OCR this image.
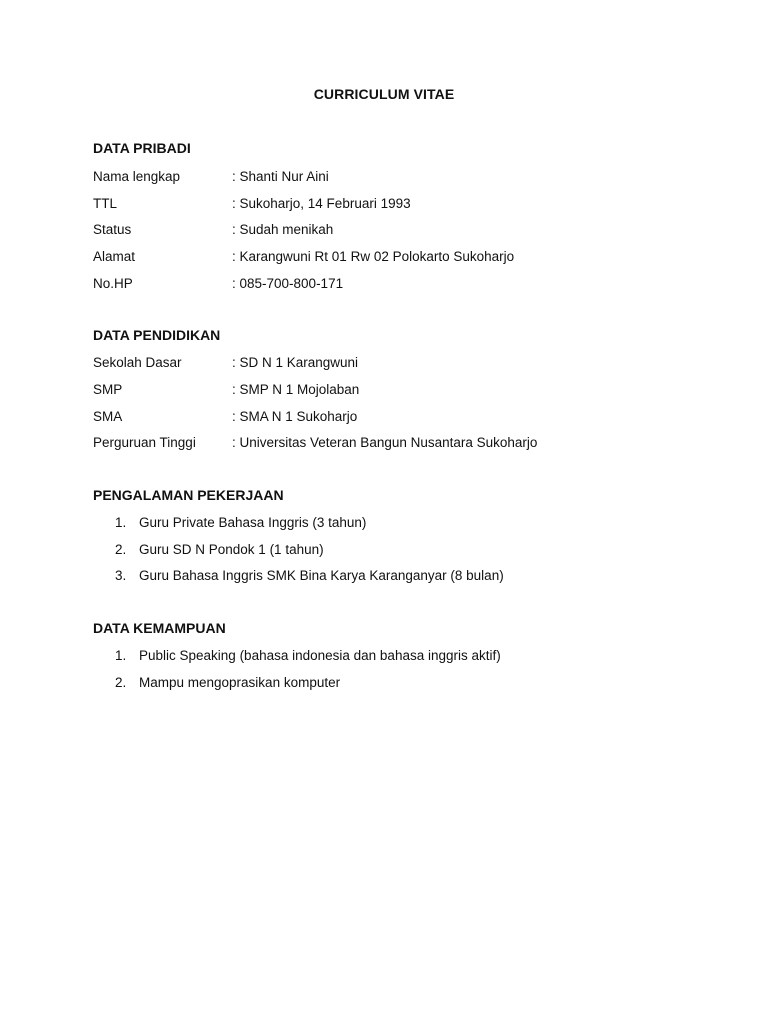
CURRICULUM VITAE
DATA PRIBADI
Nama lengkap	: Shanti Nur Aini
TTL	: Sukoharjo, 14 Februari 1993
Status	: Sudah menikah
Alamat	: Karangwuni Rt 01 Rw 02 Polokarto Sukoharjo
No.HP	: 085-700-800-171
DATA PENDIDIKAN
Sekolah Dasar	: SD N 1 Karangwuni
SMP	: SMP N 1 Mojolaban
SMA	: SMA N 1 Sukoharjo
Perguruan Tinggi	: Universitas Veteran Bangun Nusantara Sukoharjo
PENGALAMAN PEKERJAAN
1. Guru Private Bahasa Inggris (3 tahun)
2. Guru SD N Pondok 1 (1 tahun)
3. Guru Bahasa Inggris SMK Bina Karya Karanganyar (8 bulan)
DATA KEMAMPUAN
1. Public Speaking (bahasa indonesia dan bahasa inggris aktif)
2. Mampu mengoprasikan komputer
